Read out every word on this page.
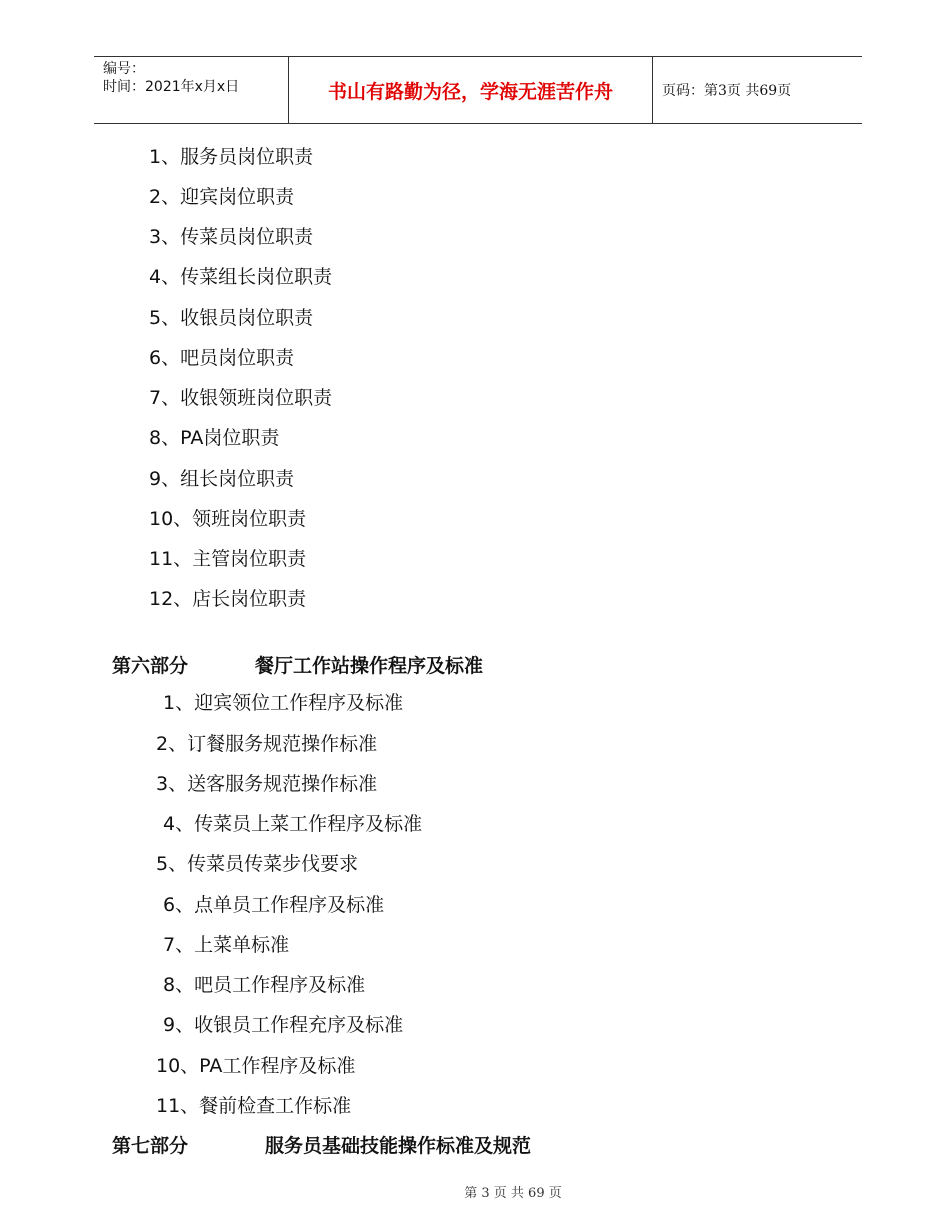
编号：
时间：2021年x月x日	书山有路勤为径，学海无涯苦作舟	页码：第3页 共69页
1、服务员岗位职责
2、迎宾岗位职责
3、传菜员岗位职责
4、传菜组长岗位职责
5、收银员岗位职责
6、吧员岗位职责
7、收银领班岗位职责
8、PA岗位职责
9、组长岗位职责
10、领班岗位职责
11、主管岗位职责
12、店长岗位职责
第六部分	餐厅工作站操作程序及标准
1、迎宾领位工作程序及标准
2、订餐服务规范操作标准
3、送客服务规范操作标准
4、传菜员上菜工作程序及标准
5、传菜员传菜步伐要求
6、点单员工作程序及标准
7、上菜单标准
8、吧员工作程序及标准
9、收银员工作程充序及标准
10、PA工作程序及标准
11、餐前检查工作标准
第七部分	服务员基础技能操作标准及规范
第 3 页 共 69 页
